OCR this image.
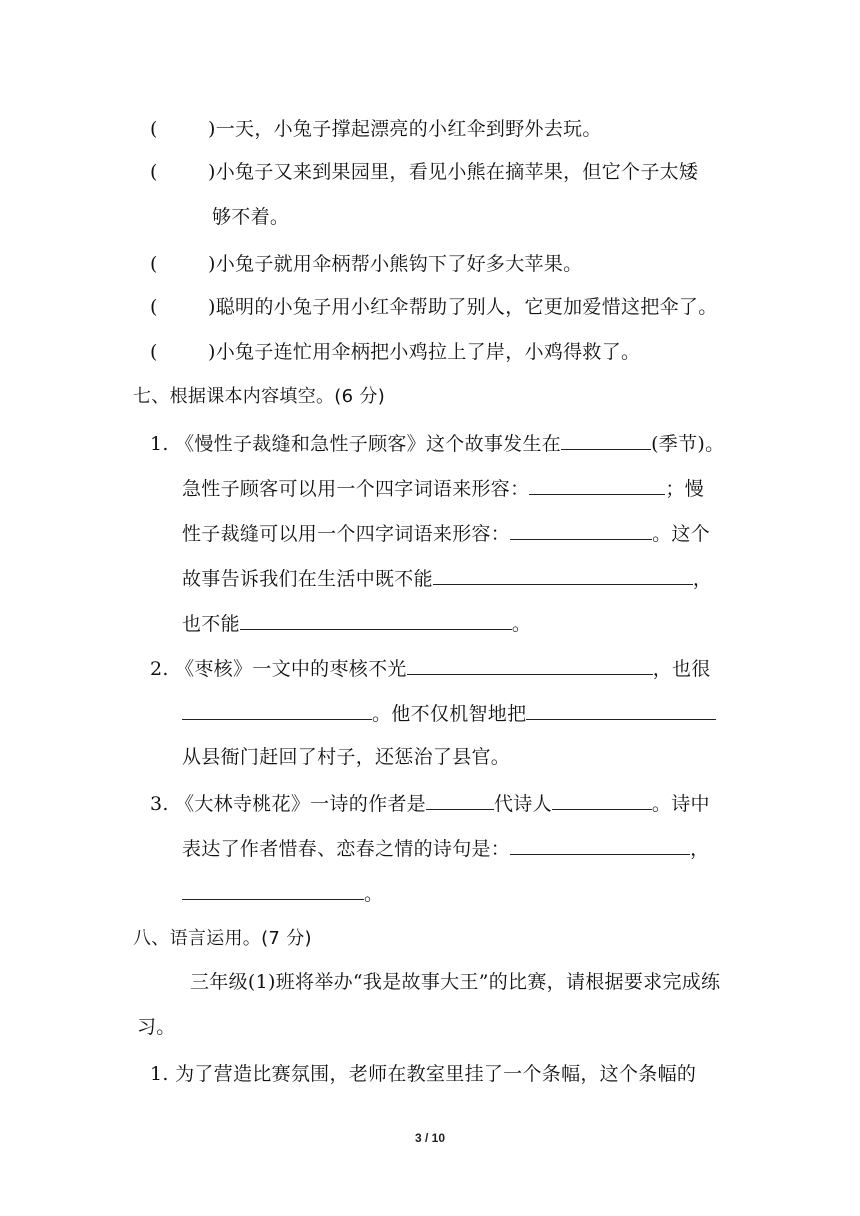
(	)一天，小兔子撑起漂亮的小红伞到野外去玩。
(	)小兔子又来到果园里，看见小熊在摘苹果，但它个子太矮
够不着。
(	)小兔子就用伞柄帮小熊钩下了好多大苹果。
(	)聪明的小兔子用小红伞帮助了别人，它更加爱惜这把伞了。
(	)小兔子连忙用伞柄把小鸡拉上了岸，小鸡得救了。
七、根据课本内容填空。(6 分)
1. 《慢性子裁缝和急性子顾客》这个故事发生在	(季节)。
急性子顾客可以用一个四字词语来形容：	；慢
性子裁缝可以用一个四字词语来形容：	。这个
故事告诉我们在生活中既不能	，
也不能	。
2. 《枣核》一文中的枣核不光	，也很
。他不仅机智地把
从县衙门赶回了村子，还惩治了县官。
3. 《大林寺桃花》一诗的作者是	代诗人	。诗中
表达了作者惜春、恋春之情的诗句是：	，
。
八、语言运用。(7 分)
三年级(1)班将举办“我是故事大王”的比赛，请根据要求完成练
习。
1. 为了营造比赛氛围，老师在教室里挂了一个条幅，这个条幅的
3 / 10
